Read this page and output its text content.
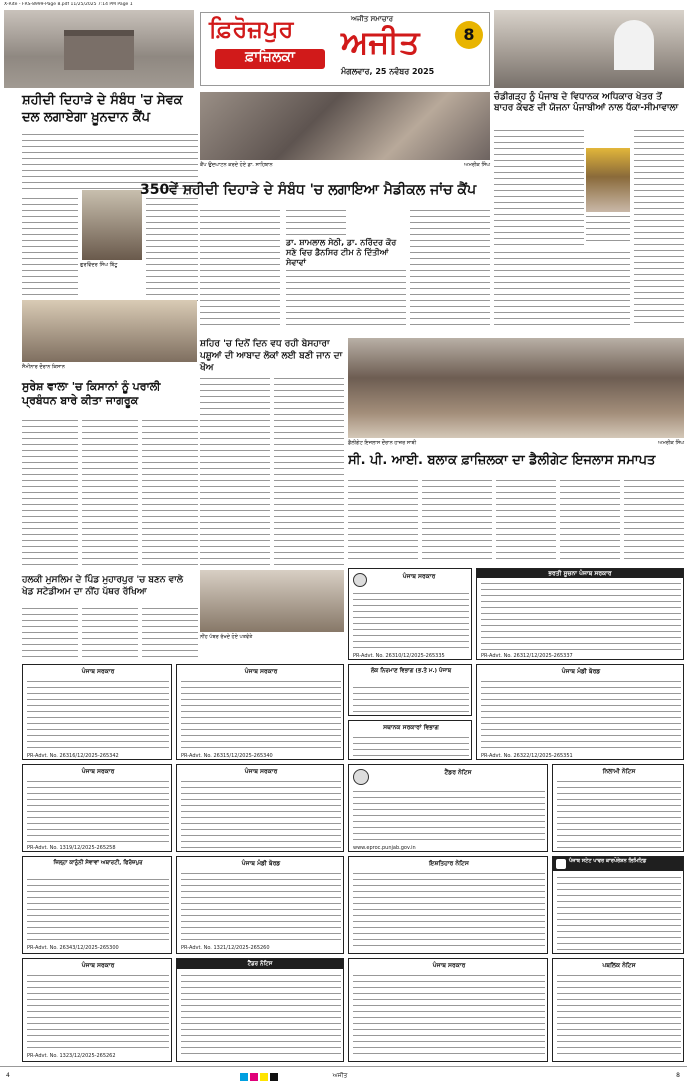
X-Rite - FRS-8999-Page 8.pdf 11/25/2025 7:14 PM Page 1
ਫ਼ਿਰੋਜ਼ਪੁਰ
ਫ਼ਾਜ਼ਿਲਕਾ
ਅਜੀਤ ਸਮਾਚਾਰ
ਅਜੀਤ
ਮੰਗਲਵਾਰ, 25 ਨਵੰਬਰ 2025
8
ਸ਼ਹੀਦੀ ਦਿਹਾੜੇ ਦੇ ਸੰਬੰਧ 'ਚ ਸੇਵਕ ਦਲ ਲਗਾਏਗਾ ਖ਼ੂਨਦਾਨ ਕੈਂਪ
ਗੁਰਵਿੰਦਰ ਸਿੰਘ ਬਿੱਟੂ
ਕੈਂਪ ਉਦਘਾਟਨ ਕਰਦੇ ਹੋਏ ਡਾ. ਸਾਹਿਬਾਨ	ਅਮਰੀਕ ਸਿੰਘ
350ਵੇਂ ਸ਼ਹੀਦੀ ਦਿਹਾੜੇ ਦੇ ਸੰਬੰਧ 'ਚ ਲਗਾਇਆ ਮੈਡੀਕਲ ਜਾਂਚ ਕੈਂਪ
ਡਾ. ਸ਼ਾਮਲਾਲ ਸੇਠੀ, ਡਾ. ਨਰਿੰਦਰ ਕੌਰ ਸਣੇ ਵਿਚ ਡੈਨਸਿਰ ਟੀਮ ਨੇ ਦਿੱਤੀਆਂ ਸੇਵਾਵਾਂ
ਸੈਮੀਨਾਰ ਦੌਰਾਨ ਕਿਸਾਨ
ਚੰਡੀਗੜ੍ਹ ਨੂੰ ਪੰਜਾਬ ਦੇ ਵਿਧਾਨਕ ਅਧਿਕਾਰ ਖੇਤਰ ਤੋਂ ਬਾਹਰ ਕੱਢਣ ਦੀ ਯੋਜਨਾ ਪੰਜਾਬੀਆਂ ਨਾਲ ਧੱਕਾ-ਸੀਮਾਵਾਲਾ
ਸੁਰੇਸ਼ ਵਾਲਾ 'ਚ ਕਿਸਾਨਾਂ ਨੂੰ ਪਰਾਲੀ ਪ੍ਰਬੰਧਨ ਬਾਰੇ ਕੀਤਾ ਜਾਗਰੂਕ
ਸ਼ਹਿਰ 'ਚ ਦਿਨੋਂ ਦਿਨ ਵਧ ਰਹੀ ਬੇਸਹਾਰਾ ਪਸ਼ੂਆਂ ਦੀ ਆਬਾਦ ਲੋਕਾਂ ਲਈ ਬਣੀ ਜਾਨ ਦਾ ਖੌਅ
ਡੈਲੀਗੇਟ ਇਜਲਾਸ ਦੌਰਾਨ ਹਾਜ਼ਰ ਸਾਥੀ	ਅਮਰੀਕ ਸਿੰਘ
ਸੀ. ਪੀ. ਆਈ. ਬਲਾਕ ਫ਼ਾਜ਼ਿਲਕਾ ਦਾ ਡੈਲੀਗੇਟ ਇਜਲਾਸ ਸਮਾਪਤ
ਹਲਕੀ ਮੁਸਲਿਮ ਦੇ ਪਿੰਡ ਮੁਹਾਰਪੁਰ 'ਚ ਬਣਨ ਵਾਲੇ ਖੇਡ ਸਟੇਡੀਅਮ ਦਾ ਨੀਂਹ ਪੱਥਰ ਰੱਖਿਆ
ਨੀਂਹ ਪੱਥਰ ਰੱਖਦੇ ਹੋਏ ਪਤਵੰਤੇ
ਪੰਜਾਬ ਸਰਕਾਰ
PR-Advt. No. 26310/12/2025-265335
ਭਰਤੀ ਸੂਚਨਾ ਪੰਜਾਬ ਸਰਕਾਰ
PR-Advt. No. 26312/12/2025-265337
ਪੰਜਾਬ ਸਰਕਾਰ
PR-Advt. No. 26316/12/2025-265342
ਪੰਜਾਬ ਸਰਕਾਰ
PR-Advt. No. 26315/12/2025-265340
ਲੋਕ ਨਿਰਮਾਣ ਵਿਭਾਗ (ਭ.ਤੇ ਮ.) ਪੰਜਾਬ	ਪੰਜਾਬ ਮੰਡੀ ਬੋਰਡ
PR-Advt. No. 26322/12/2025-265351
ਸਥਾਨਕ ਸਰਕਾਰਾਂ ਵਿਭਾਗ
ਪੰਜਾਬ ਸਰਕਾਰ
PR-Advt. No. 1319/12/2025-265258
ਪੰਜਾਬ ਸਰਕਾਰ	ਟੈਂਡਰ ਨੋਟਿਸ
www.eproc.punjab.gov.in
ਨਿਲਾਮੀ ਨੋਟਿਸ
ਜ਼ਿਲ੍ਹਾ ਕਾਨੂੰਨੀ ਸੇਵਾਵਾਂ ਅਥਾਰਟੀ, ਫਿਰੋਜ਼ਪੁਰ
PR-Advt. No. 26343/12/2025-265300
ਪੰਜਾਬ ਮੰਡੀ ਬੋਰਡ
PR-Advt. No. 1321/12/2025-265260
ਇਸ਼ਤਿਹਾਰ ਨੋਟਿਸ	ਪੰਜਾਬ ਸਟੇਟ ਪਾਵਰ ਕਾਰਪੋਰੇਸ਼ਨ ਲਿਮਿਟਿਡ
ਪੰਜਾਬ ਸਰਕਾਰ
PR-Advt. No. 1323/12/2025-265262
ਟੈਂਡਰ ਨੋਟਿਸ	ਪੰਜਾਬ ਸਰਕਾਰ	ਪਬਲਿਕ ਨੋਟਿਸ
4	ਅਜੀਤ	8
